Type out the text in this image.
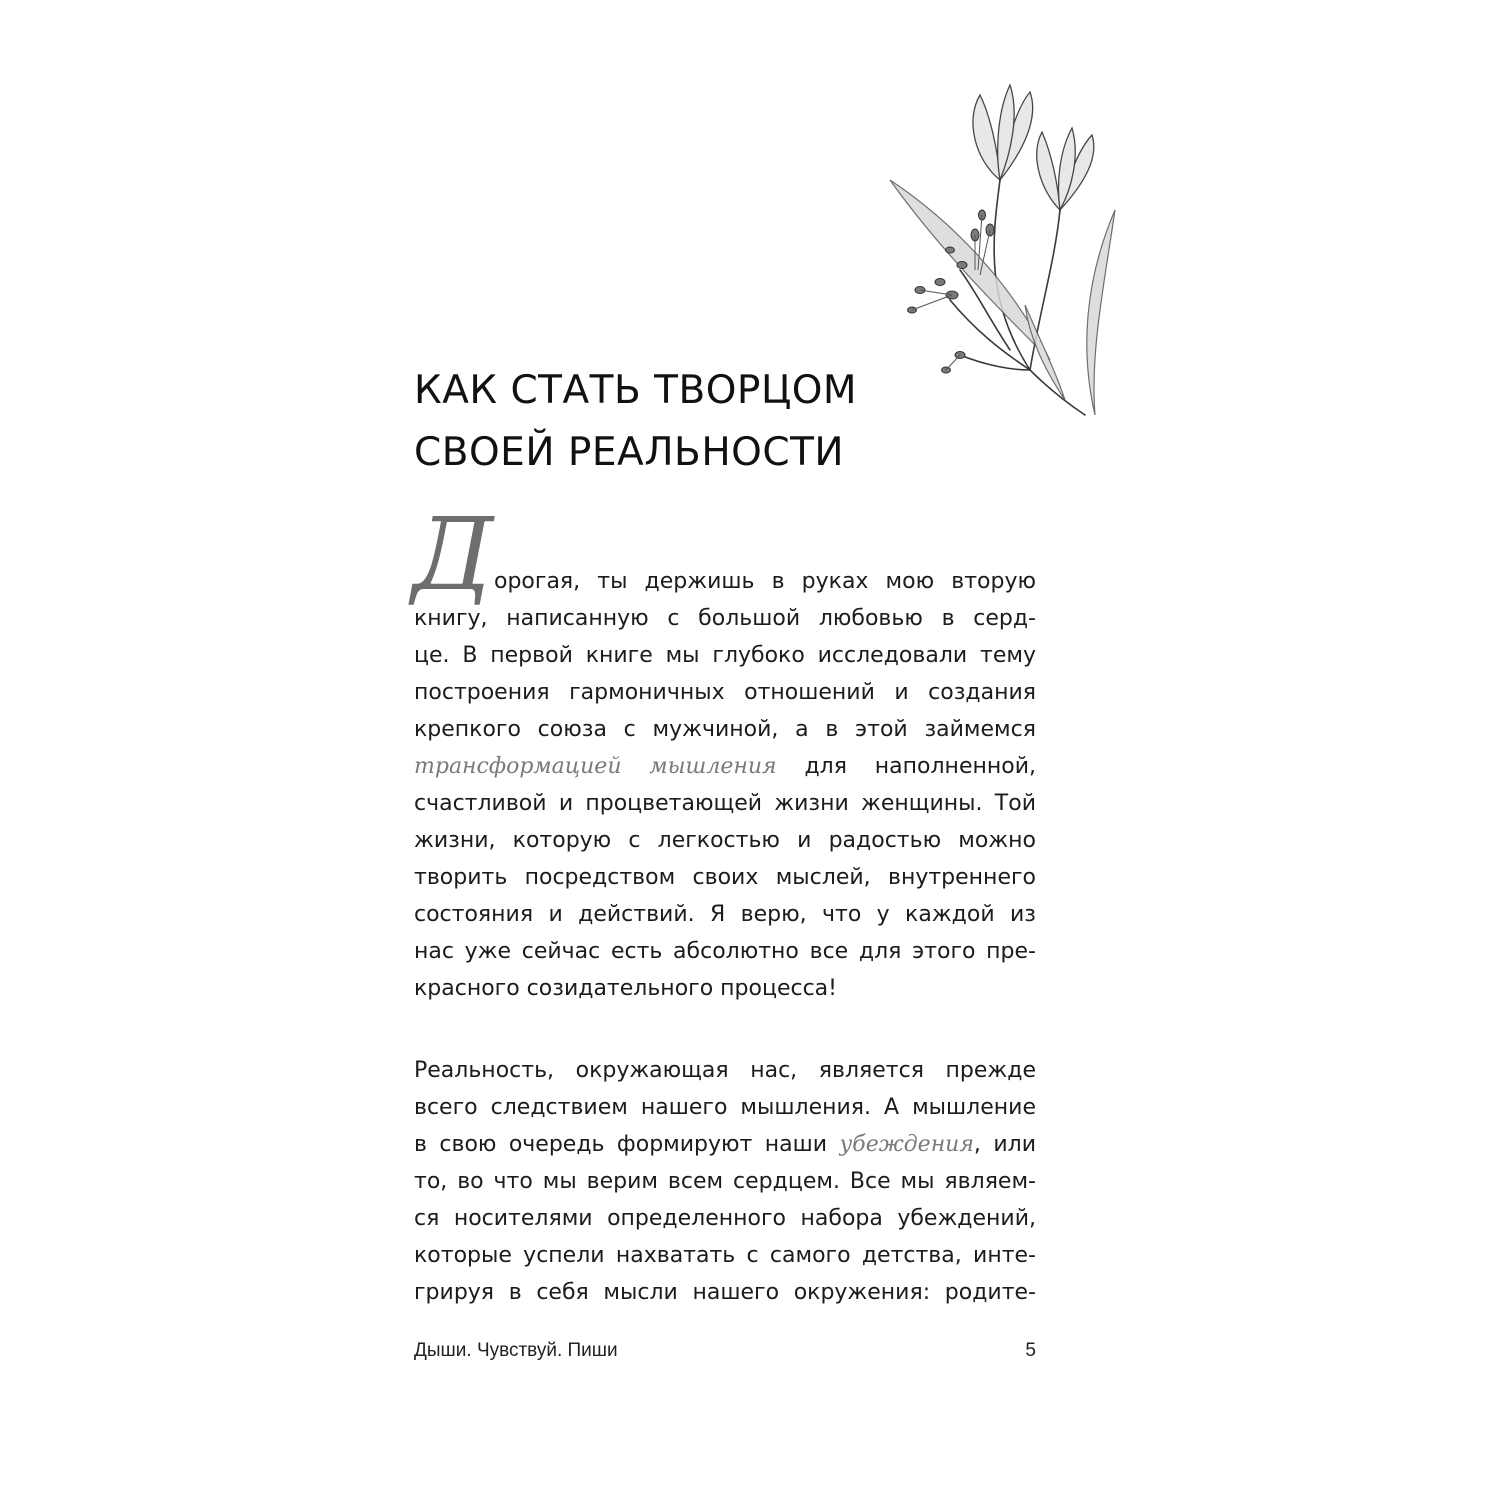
КАК СТАТЬ ТВОРЦОМ
СВОЕЙ РЕАЛЬНОСТИ
Д орогая, ты держишь в руках мою вторую
книгу, написанную с большой любовью в серд-
це. В первой книге мы глубоко исследовали тему
построения гармоничных отношений и создания
крепкого союза с мужчиной, а в этой займемся
трансформацией мышления для наполненной,
счастливой и процветающей жизни женщины. Той
жизни, которую с легкостью и радостью можно
творить посредством своих мыслей, внутреннего
состояния и действий. Я верю, что у каждой из
нас уже сейчас есть абсолютно все для этого пре-
красного созидательного процесса!
Реальность, окружающая нас, является прежде
всего следствием нашего мышления. А мышление
в свою очередь формируют наши убеждения, или
то, во что мы верим всем сердцем. Все мы являем-
ся носителями определенного набора убеждений,
которые успели нахватать с самого детства, инте-
грируя в себя мысли нашего окружения: родите-
Дыши. Чувствуй. Пиши	5
